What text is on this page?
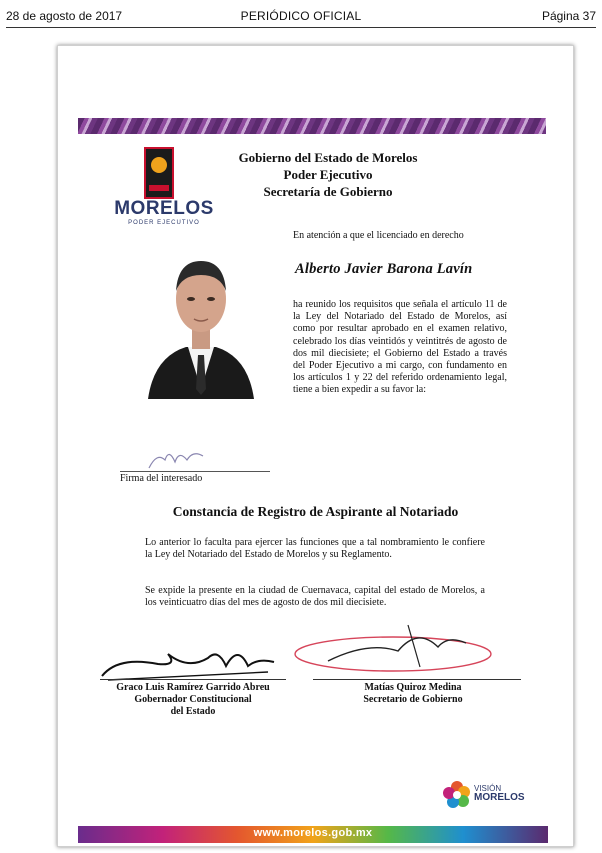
28 de agosto de 2017	PERIÓDICO OFICIAL	Página 37
MORELOS
PODER EJECUTIVO
Gobierno del Estado de Morelos
Poder Ejecutivo
Secretaría de Gobierno
En atención a que el licenciado en derecho
Alberto Javier Barona Lavín
ha reunido los requisitos que señala el artículo 11 de la Ley del Notariado del Estado de Morelos, así como por resultar aprobado en el examen relativo, celebrado los días veintidós y veintitrés de agosto de dos mil diecisiete; el Gobierno del Estado a través del Poder Ejecutivo a mi cargo, con fundamento en los artículos 1 y 22 del referido ordenamiento legal, tiene a bien expedir a su favor la:
Firma del interesado
Constancia de Registro de Aspirante al Notariado
Lo anterior lo faculta para ejercer las funciones que a tal nombramiento le confiere la Ley del Notariado del Estado de Morelos y su Reglamento.
Se expide la presente en la ciudad de Cuernavaca, capital del estado de Morelos, a los veinticuatro días del mes de agosto de dos mil diecisiete.
Graco Luis Ramírez Garrido Abreu
Gobernador Constitucional
del Estado
Matías Quiroz Medina
Secretario de Gobierno
VISIÓN
MORELOS
www.morelos.gob.mx
